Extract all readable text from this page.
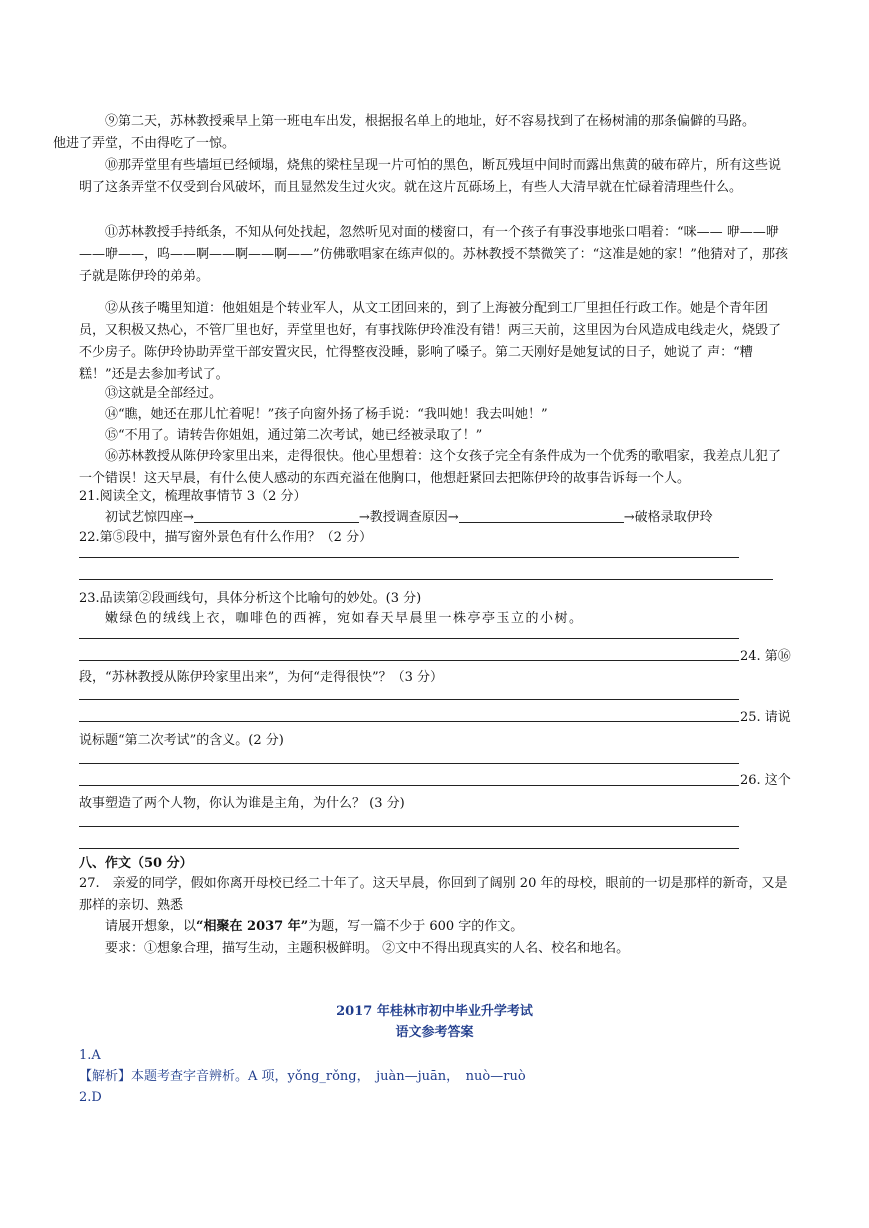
⑨第二天，苏林教授乘早上第一班电车出发，根据报名单上的地址，好不容易找到了在杨树浦的那条偏僻的马路。
他进了弄堂，不由得吃了一惊。

⑩那弄堂里有些墙垣已经倾塌，烧焦的梁柱呈现一片可怕的黑色，断瓦残垣中间时而露出焦黄的破布碎片，所有这些说明了这条弄堂不仅受到台风破坏，而且显然发生过火灾。就在这片瓦砾场上，有些人大清早就在忙碌着清理些什么。

⑪苏林教授手持纸条，不知从何处找起，忽然听见对面的楼窗口，有一个孩子有事没事地张口唱着：“咪—— 咿——咿——咿——，呜——啊——啊——啊——”仿佛歌唱家在练声似的。苏林教授不禁微笑了：“这准是她的家！”他猜对了，那孩子就是陈伊玲的弟弟。

⑫从孩子嘴里知道：他姐姐是个转业军人，从文工团回来的，到了上海被分配到工厂里担任行政工作。她是个青年团员，又积极又热心，不管厂里也好，弄堂里也好，有事找陈伊玲准没有错！两三天前，这里因为台风造成电线走火，烧毁了不少房子。陈伊玲协助弄堂干部安置灾民，忙得整夜没睡，影响了嗓子。第二天刚好是她复试的日子，她说了 声：“糟糕！”还是去参加考试了。

⑬这就是全部经过。

⑭“瞧，她还在那儿忙着呢！”孩子向窗外扬了杨手说：“我叫她！我去叫她！”

⑮“不用了。请转告你姐姐，通过第二次考试，她已经被录取了！”

⑯苏林教授从陈伊玲家里出来，走得很快。他心里想着：这个女孩子完全有条件成为一个优秀的歌唱家，我差点儿犯了一个错误！这天早晨，有什么使人感动的东西充溢在他胸口，他想赶紧回去把陈伊玲的故事告诉每一个人。

21.阅读全文，梳理故事情节 3（2 分）

初试艺惊四座→	→教授调查原因→	→破格录取伊玲

22.第⑤段中，描写窗外景色有什么作用？（2 分）

23.品读第②段画线句，具体分析这个比喻句的妙处。(3 分)

嫩绿色的绒线上衣，咖啡色的西裤，宛如春天早晨里一株亭亭玉立的小树。

24. 第⑯

段，“苏林教授从陈伊玲家里出来”，为何“走得很快”？（3 分）

25. 请说

说标题“第二次考试”的含义。(2 分)

26. 这个

故事塑造了两个人物，你认为谁是主角，为什么？ (3 分)

八、作文（50 分）

27.　亲爱的同学，假如你离开母校已经二十年了。这天早晨，你回到了阔别 20 年的母校，眼前的一切是那样的新奇，又是那样的亲切、熟悉

请展开想象，以“相聚在 2037 年”为题，写一篇不少于 600 字的作文。

要求：①想象合理，描写生动，主题积极鲜明。 ②文中不得出现真实的人名、校名和地名。

2017 年桂林市初中毕业升学考试
语文参考答案

1.A

【解析】本题考查字音辨析。A 项，yǒng_rǒng，　juàn—juān，　nuò—ruò

2.D
